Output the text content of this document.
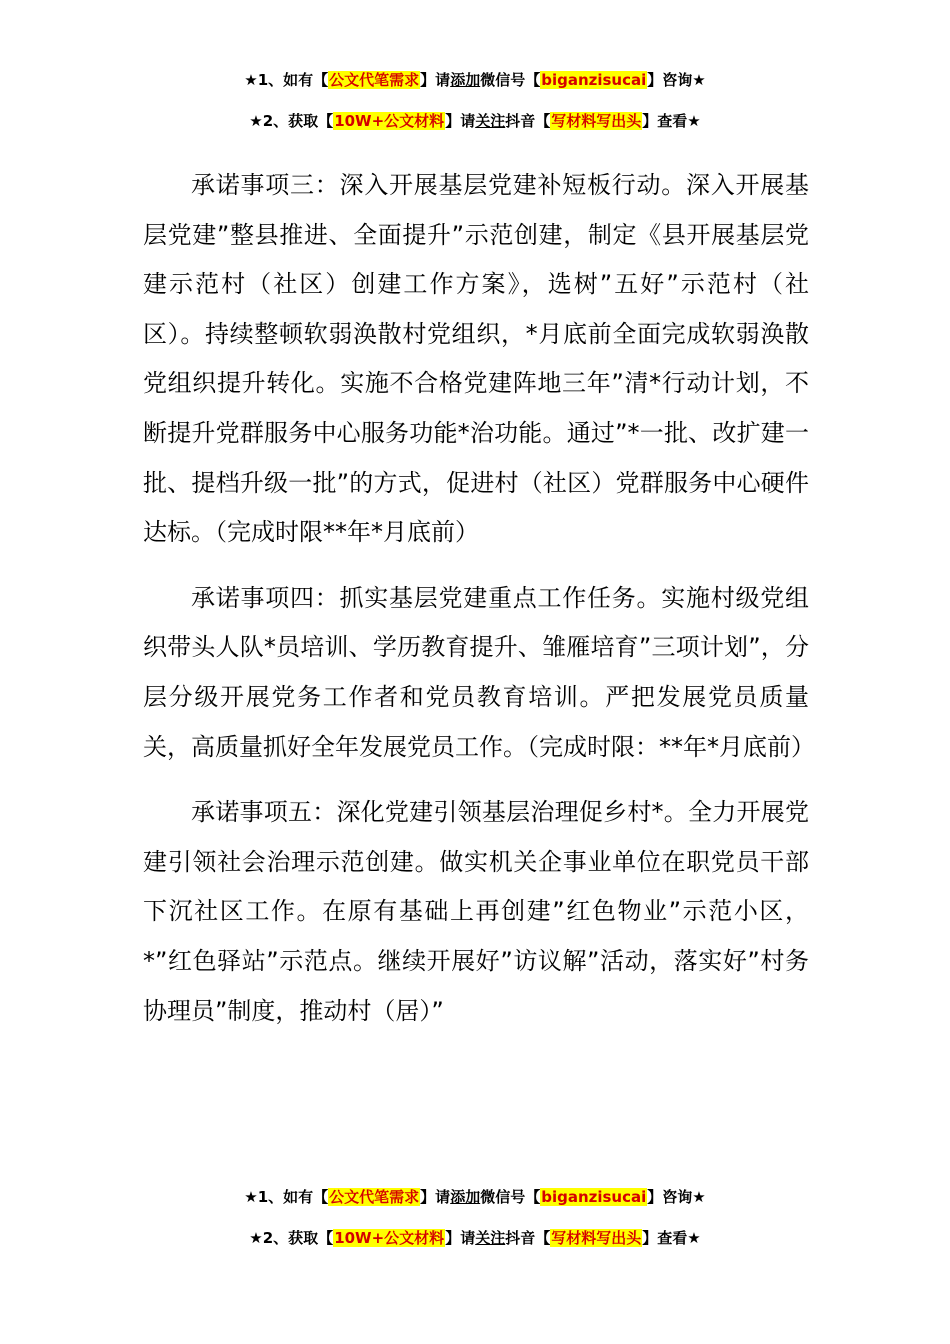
★1、如有【公文代笔需求】请添加微信号【biganzisucai】咨询★
★2、获取【10W+公文材料】请关注抖音【写材料写出头】查看★

承诺事项三：深入开展基层党建补短板行动。深入开展基层党建”整县推进、全面提升”示范创建，制定《县开展基层党建示范村（社区）创建工作方案》，选树”五好”示范村（社区）。持续整顿软弱涣散村党组织，*月底前全面完成软弱涣散党组织提升转化。实施不合格党建阵地三年”清*行动计划，不断提升党群服务中心服务功能*治功能。通过”*一批、改扩建一批、提档升级一批”的方式，促进村（社区）党群服务中心硬件达标。（完成时限**年*月底前）

承诺事项四：抓实基层党建重点工作任务。实施村级党组织带头人队*员培训、学历教育提升、雏雁培育”三项计划”，分层分级开展党务工作者和党员教育培训。严把发展党员质量关，高质量抓好全年发展党员工作。（完成时限：**年*月底前）

承诺事项五：深化党建引领基层治理促乡村*。全力开展党建引领社会治理示范创建。做实机关企事业单位在职党员干部下沉社区工作。在原有基础上再创建”红色物业”示范小区，*”红色驿站”示范点。继续开展好”访议解”活动，落实好”村务协理员”制度，推动村（居）”

★1、如有【公文代笔需求】请添加微信号【biganzisucai】咨询★
★2、获取【10W+公文材料】请关注抖音【写材料写出头】查看★
